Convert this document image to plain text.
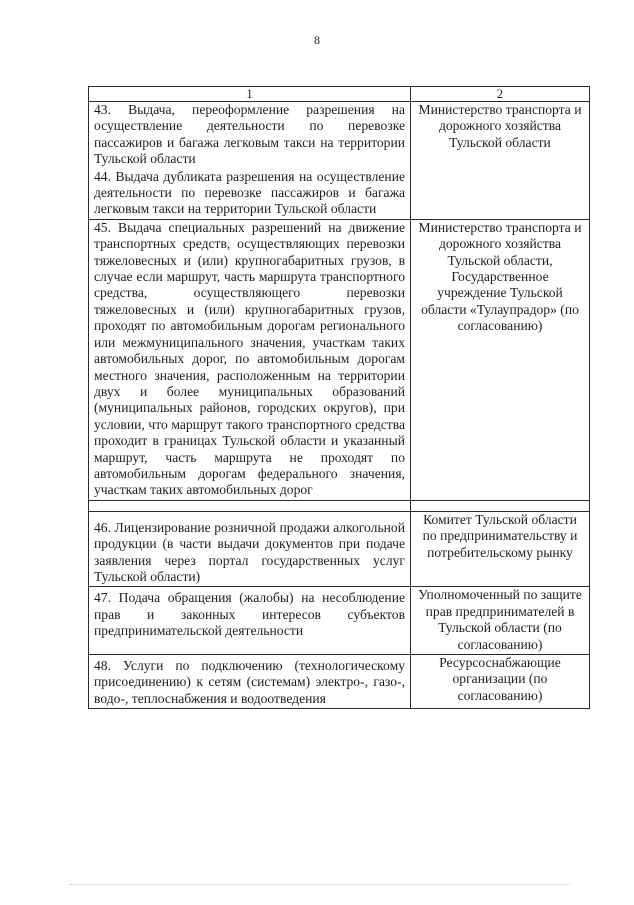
8
1	2
43. Выдача, переоформление разрешения на осуществление деятельности по перевозке пассажиров и багажа легковым такси на территории Тульской области	Министерство транспорта и дорожного хозяйства Тульской области
44. Выдача дубликата разрешения на осуществление деятельности по перевозке пассажиров и багажа легковым такси на территории Тульской области	
45. Выдача специальных разрешений на движение транспортных средств, осуществляющих перевозки тяжеловесных и (или) крупногабаритных грузов, в случае если маршрут, часть маршрута транспортного средства, осуществляющего перевозки тяжеловесных и (или) крупногабаритных грузов, проходят по автомобильным дорогам регионального или межмуниципального значения, участкам таких автомобильных дорог, по автомобильным дорогам местного значения, расположенным на территории двух и более муниципальных образований (муниципальных районов, городских округов), при условии, что маршрут такого транспортного средства проходит в границах Тульской области и указанный маршрут, часть маршрута не проходят по автомобильным дорогам федерального значения, участкам таких автомобильных дорог	Министерство транспорта и дорожного хозяйства Тульской области, Государственное учреждение Тульской области «Тулаупрадор» (по согласованию)

46. Лицензирование розничной продажи алкогольной продукции (в части выдачи документов при подаче заявления через портал государственных услуг Тульской области)	Комитет Тульской области по предпринимательству и потребительскому рынку
47. Подача обращения (жалобы) на несоблюдение прав и законных интересов субъектов предпринимательской деятельности	Уполномоченный по защите прав предпринимателей в Тульской области (по согласованию)
48. Услуги по подключению (технологическому присоединению) к сетям (системам) электро-, газо-, водо-, теплоснабжения и водоотведения	Ресурсоснабжающие организации (по согласованию)
